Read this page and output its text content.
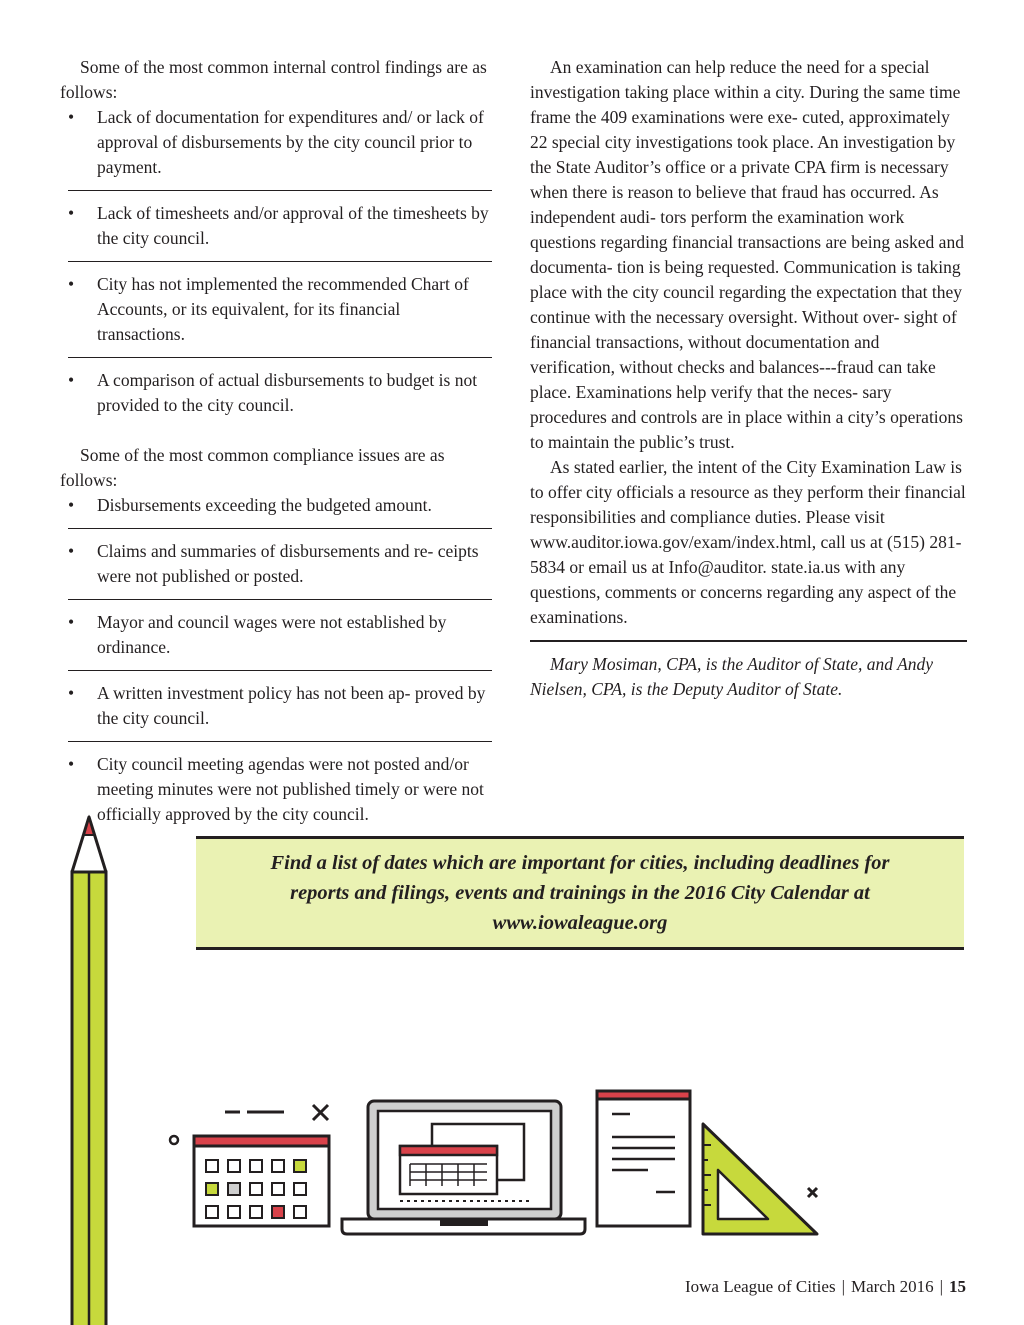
Some of the most common internal control findings are as follows:

• Lack of documentation for expenditures and/ or lack of approval of disbursements by the city council prior to payment.
• Lack of timesheets and/or approval of the timesheets by the city council.
• City has not implemented the recommended Chart of Accounts, or its equivalent, for its financial transactions.
• A comparison of actual disbursements to budget is not provided to the city council.

Some of the most common compliance issues are as follows:

• Disbursements exceeding the budgeted amount.
• Claims and summaries of disbursements and re- ceipts were not published or posted.
• Mayor and council wages were not established by ordinance.
• A written investment policy has not been ap- proved by the city council.
• City council meeting agendas were not posted and/or meeting minutes were not published timely or were not officially approved by the city council.

An examination can help reduce the need for a special investigation taking place within a city. During the same time frame the 409 examinations were exe- cuted, approximately 22 special city investigations took place. An investigation by the State Auditor’s office or a private CPA firm is necessary when there is reason to believe that fraud has occurred. As independent audi- tors perform the examination work questions regarding financial transactions are being asked and documenta- tion is being requested. Communication is taking place with the city council regarding the expectation that they continue with the necessary oversight. Without over- sight of financial transactions, without documentation and verification, without checks and balances---fraud can take place. Examinations help verify that the neces- sary procedures and controls are in place within a city’s operations to maintain the public’s trust.

As stated earlier, the intent of the City Examination Law is to offer city officials a resource as they perform their financial responsibilities and compliance duties. Please visit www.auditor.iowa.gov/exam/index.html, call us at (515) 281-5834 or email us at Info@auditor. state.ia.us with any questions, comments or concerns regarding any aspect of the examinations.

Mary Mosiman, CPA, is the Auditor of State, and Andy Nielsen, CPA, is the Deputy Auditor of State.

Find a list of dates which are important for cities, including deadlines for reports and filings, events and trainings in the 2016 City Calendar at www.iowaleague.org

Iowa League of Cities | March 2016 | 15
